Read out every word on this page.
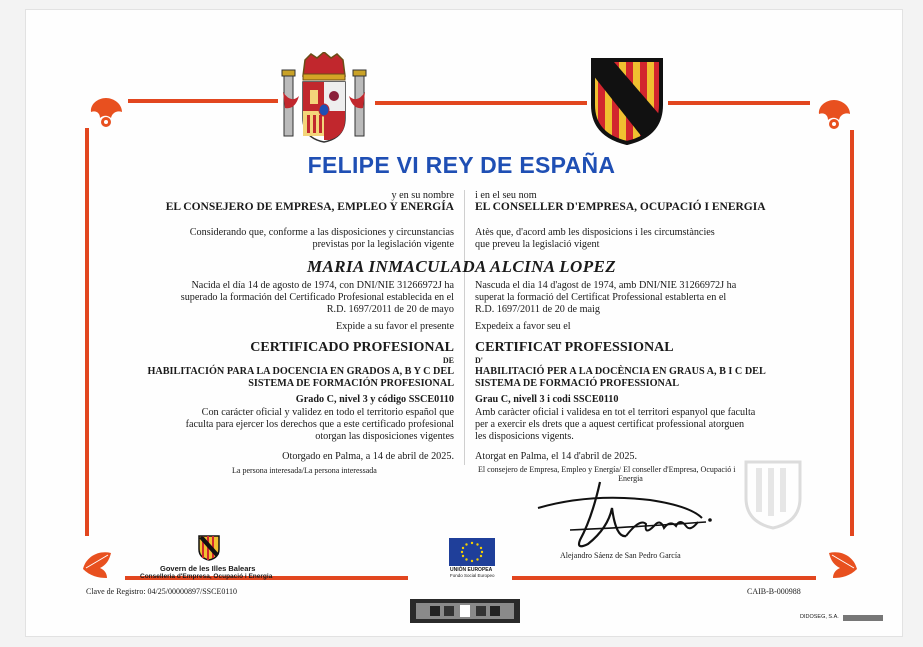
FELIPE VI REY DE ESPAÑA
y en su nombre
EL CONSEJERO DE EMPRESA, EMPLEO Y ENERGÍA
Considerando que, conforme a las disposiciones y circunstancias
previstas por la legislación vigente
MARIA INMACULADA ALCINA LOPEZ
Nacida el día 14 de agosto de 1974, con DNI/NIE 31266972J ha
superado la formación del Certificado Profesional establecida en el
R.D. 1697/2011 de 20 de mayo
Expide a su favor el presente
CERTIFICADO PROFESIONAL
DE
HABILITACIÓN PARA LA DOCENCIA EN GRADOS A, B Y C DEL
SISTEMA DE FORMACIÓN PROFESIONAL
Grado C, nivel 3 y código SSCE0110
Con carácter oficial y validez en todo el territorio español que
faculta para ejercer los derechos que a este certificado profesional
otorgan las disposiciones vigentes
Otorgado en Palma, a 14 de abril de 2025.
La persona interesada/La persona interessada
i en el seu nom
EL CONSELLER D'EMPRESA, OCUPACIÓ I ENERGIA
Atès que, d'acord amb les disposicions i les circumstàncies
que preveu la legislació vigent
Nascuda el dia 14 d'agost de 1974, amb DNI/NIE 31266972J ha
superat la formació del Certificat Professional establerta en el
R.D. 1697/2011 de 20 de maig
Expedeix a favor seu el
CERTIFICAT PROFESSIONAL
D'
HABILITACIÓ PER A LA DOCÈNCIA EN GRAUS A, B I C DEL
SISTEMA DE FORMACIÓ PROFESSIONAL
Grau C, nivell 3 i codi SSCE0110
Amb caràcter oficial i validesa en tot el territori espanyol que faculta
per a exercir els drets que a aquest certificat professional atorguen
les disposicions vigents.
Atorgat en Palma, el 14 d'abril de 2025.
El consejero de Empresa, Empleo y Energía/ El conseller d'Empresa, Ocupació i
Energia
Alejandro Sáenz de San Pedro García
Govern de les Illes Balears
Conselleria d'Empresa, Ocupació i Energia
UNIÓN EUROPEA
Fondo Social Europeo
Clave de Registro: 04/25/00000897/SSCE0110	CAIB-B-000988
DIDOSEG, S.A.
